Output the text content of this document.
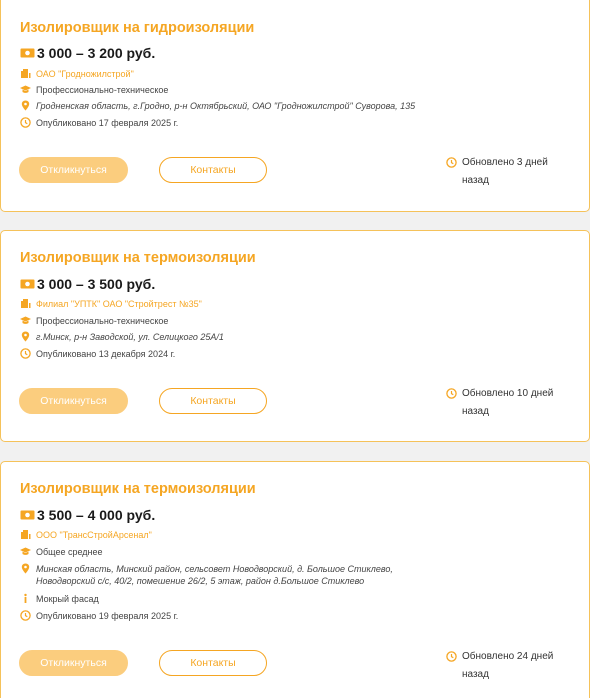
Изолировщик на гидроизоляции
3 000 – 3 200 руб.
ОАО "Гродножилстрой"
Профессионально-техническое
Гродненская область, г.Гродно, р-н Октябрьский, ОАО "Гродножилстрой" Суворова, 135
Опубликовано 17 февраля 2025 г.
Откликнуться	Контакты
Обновлено 3 дней назад
Изолировщик на термоизоляции
3 000 – 3 500 руб.
Филиал "УПТК" ОАО "Стройтрест №35"
Профессионально-техническое
г.Минск, р-н Заводской, ул. Селицкого 25А/1
Опубликовано 13 декабря 2024 г.
Откликнуться	Контакты
Обновлено 10 дней назад
Изолировщик на термоизоляции
3 500 – 4 000 руб.
ООО "ТрансСтройАрсенал"
Общее среднее
Минская область, Минский район, сельсовет Новодворский, д. Большое Стиклево, Новодворский с/с, 40/2, помешение 26/2, 5 этаж, район д.Большое Стиклево
Мокрый фасад
Опубликовано 19 февраля 2025 г.
Откликнуться	Контакты
Обновлено 24 дней назад
